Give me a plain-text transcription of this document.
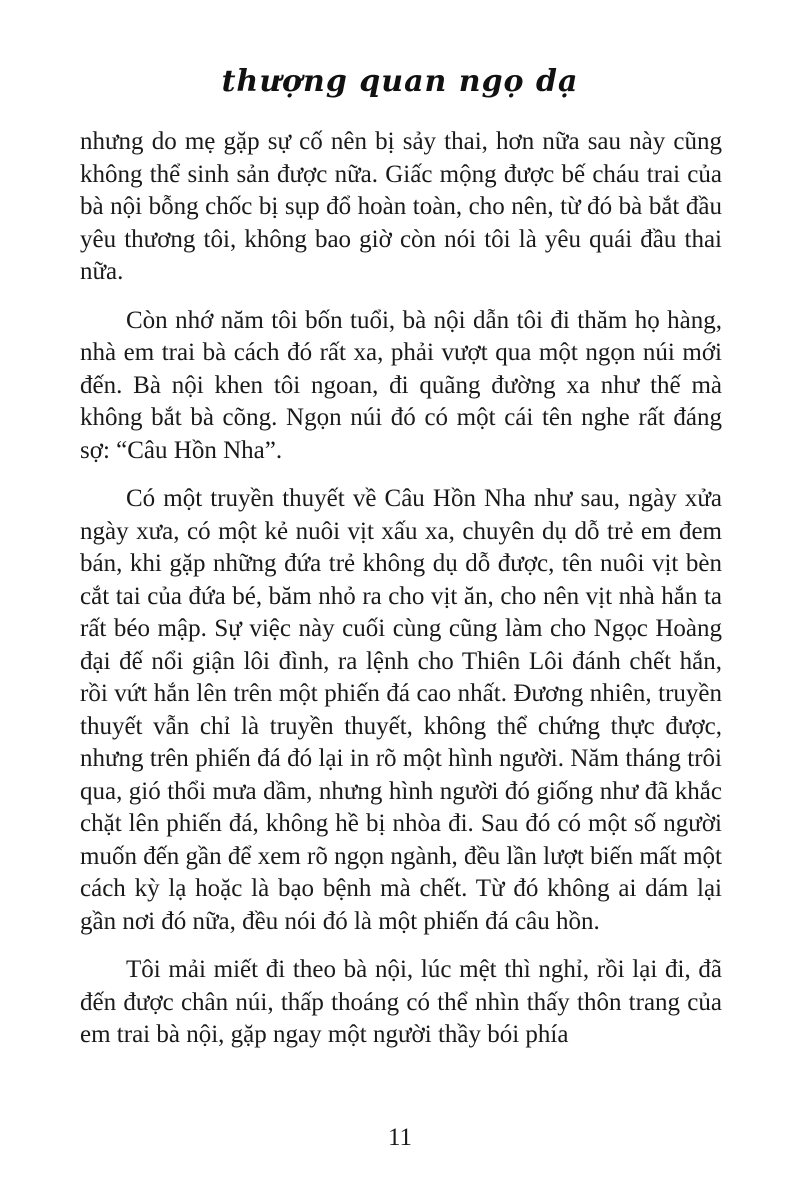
thượng quan ngọ dạ

nhưng do mẹ gặp sự cố nên bị sảy thai, hơn nữa sau này cũng không thể sinh sản được nữa. Giấc mộng được bế cháu trai của bà nội bỗng chốc bị sụp đổ hoàn toàn, cho nên, từ đó bà bắt đầu yêu thương tôi, không bao giờ còn nói tôi là yêu quái đầu thai nữa.

Còn nhớ năm tôi bốn tuổi, bà nội dẫn tôi đi thăm họ hàng, nhà em trai bà cách đó rất xa, phải vượt qua một ngọn núi mới đến. Bà nội khen tôi ngoan, đi quãng đường xa như thế mà không bắt bà cõng. Ngọn núi đó có một cái tên nghe rất đáng sợ: “Câu Hồn Nha”.

Có một truyền thuyết về Câu Hồn Nha như sau, ngày xửa ngày xưa, có một kẻ nuôi vịt xấu xa, chuyên dụ dỗ trẻ em đem bán, khi gặp những đứa trẻ không dụ dỗ được, tên nuôi vịt bèn cắt tai của đứa bé, băm nhỏ ra cho vịt ăn, cho nên vịt nhà hắn ta rất béo mập. Sự việc này cuối cùng cũng làm cho Ngọc Hoàng đại đế nổi giận lôi đình, ra lệnh cho Thiên Lôi đánh chết hắn, rồi vứt hắn lên trên một phiến đá cao nhất. Đương nhiên, truyền thuyết vẫn chỉ là truyền thuyết, không thể chứng thực được, nhưng trên phiến đá đó lại in rõ một hình người. Năm tháng trôi qua, gió thổi mưa dầm, nhưng hình người đó giống như đã khắc chặt lên phiến đá, không hề bị nhòa đi. Sau đó có một số người muốn đến gần để xem rõ ngọn ngành, đều lần lượt biến mất một cách kỳ lạ hoặc là bạo bệnh mà chết. Từ đó không ai dám lại gần nơi đó nữa, đều nói đó là một phiến đá câu hồn.

Tôi mải miết đi theo bà nội, lúc mệt thì nghỉ, rồi lại đi, đã đến được chân núi, thấp thoáng có thể nhìn thấy thôn trang của em trai bà nội, gặp ngay một người thầy bói phía

11
